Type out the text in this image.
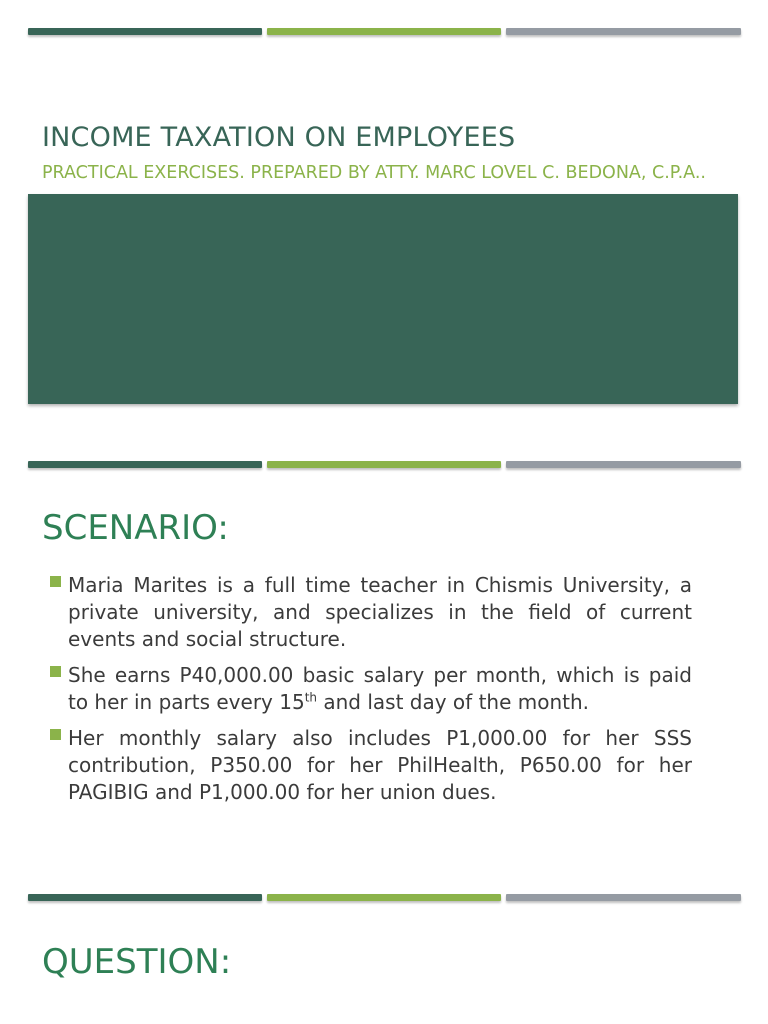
INCOME TAXATION ON EMPLOYEES

PRACTICAL EXERCISES. PREPARED BY ATTY. MARC LOVEL C. BEDONA, C.P.A..

SCENARIO:
Maria Marites is a full time teacher in Chismis University, a private university, and specializes in the field of current events and social structure.
She earns P40,000.00 basic salary per month, which is paid to her in parts every 15th and last day of the month.
Her monthly salary also includes P1,000.00 for her SSS contribution, P350.00 for her PhilHealth, P650.00 for her PAGIBIG and P1,000.00 for her union dues.
QUESTION:
